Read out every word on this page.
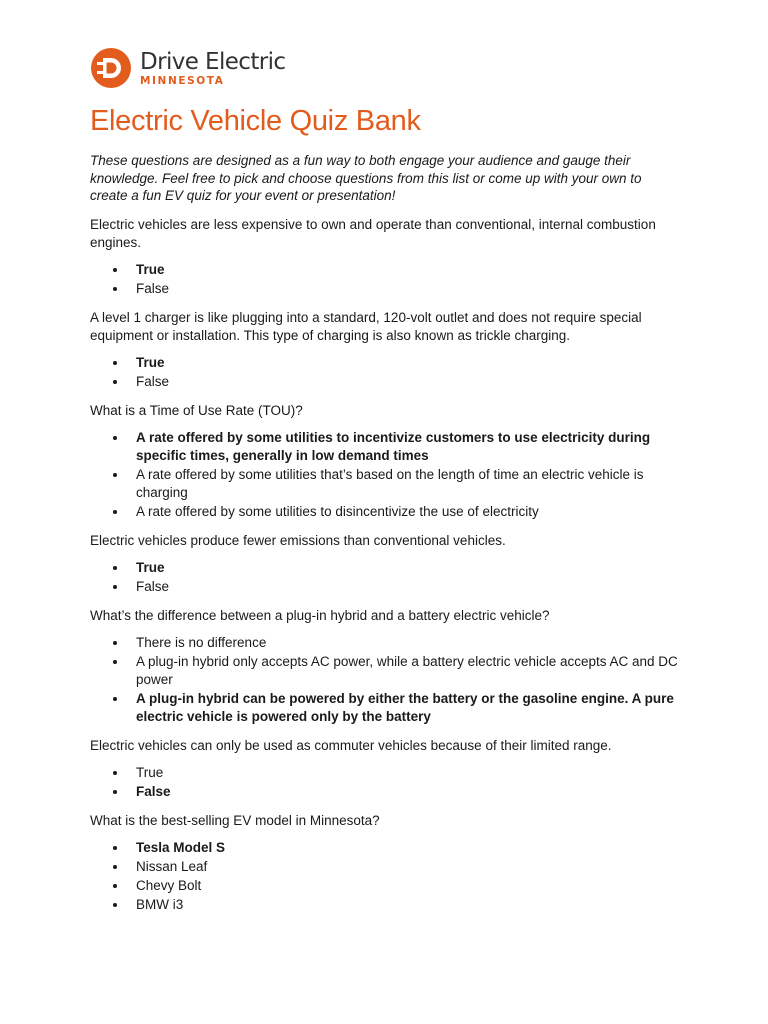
Drive Electric
MINNESOTA
Electric Vehicle Quiz Bank

These questions are designed as a fun way to both engage your audience and gauge their knowledge. Feel free to pick and choose questions from this list or come up with your own to create a fun EV quiz for your event or presentation!

Electric vehicles are less expensive to own and operate than conventional, internal combustion engines.

True
False

A level 1 charger is like plugging into a standard, 120-volt outlet and does not require special equipment or installation. This type of charging is also known as trickle charging.

True
False

What is a Time of Use Rate (TOU)?

A rate offered by some utilities to incentivize customers to use electricity during specific times, generally in low demand times
A rate offered by some utilities that’s based on the length of time an electric vehicle is charging
A rate offered by some utilities to disincentivize the use of electricity

Electric vehicles produce fewer emissions than conventional vehicles.

True
False

What’s the difference between a plug-in hybrid and a battery electric vehicle?

There is no difference
A plug-in hybrid only accepts AC power, while a battery electric vehicle accepts AC and DC power
A plug-in hybrid can be powered by either the battery or the gasoline engine. A pure electric vehicle is powered only by the battery

Electric vehicles can only be used as commuter vehicles because of their limited range.

True
False

What is the best-selling EV model in Minnesota?

Tesla Model S
Nissan Leaf
Chevy Bolt
BMW i3
